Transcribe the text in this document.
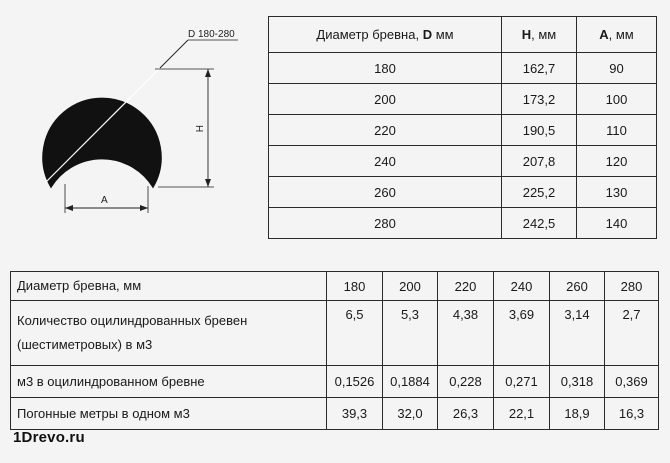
D 180-280
H
A
Диаметр бревна, D мм	H, мм	A, мм
180	162,7	90
200	173,2	100
220	190,5	110
240	207,8	120
260	225,2	130
280	242,5	140
Диаметр бревна, мм	180	200	220	240	260	280

Количество оцилиндрованных бревен
(шестиметровых) в м3	6,5	5,3	4,38	3,69	3,14	2,7
м3 в оцилиндрованном бревне	0,1526	0,1884	0,228	0,271	0,318	0,369
Погонные метры в одном м3	39,3	32,0	26,3	22,1	18,9	16,3
1Drevo.ru
